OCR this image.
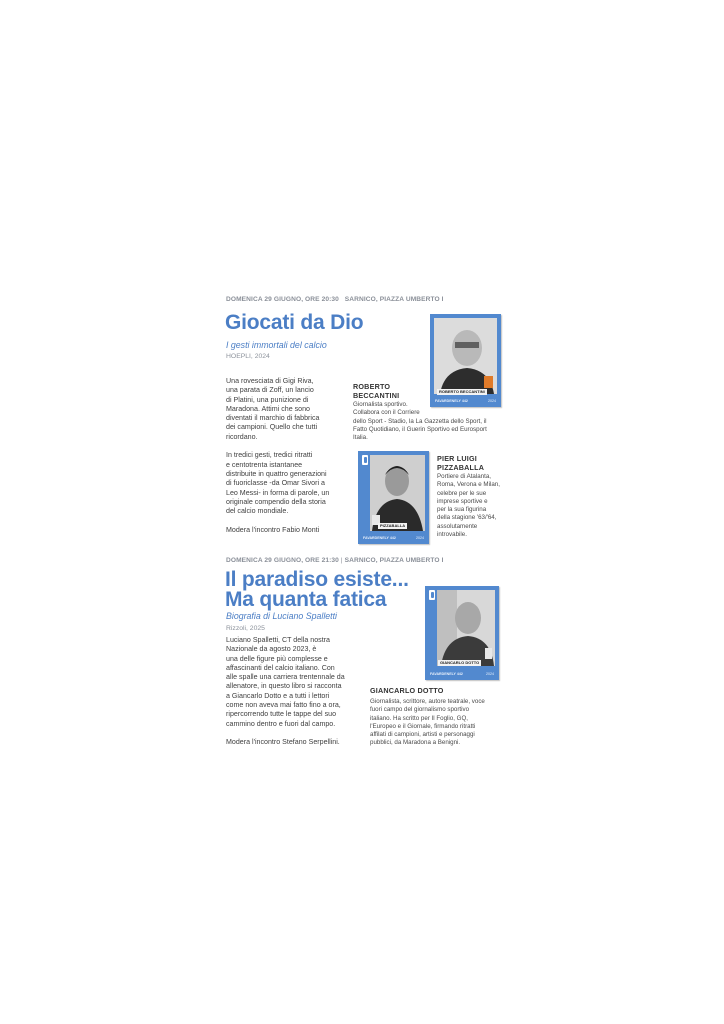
DOMENICA 29 GIUGNO, ORE 20:30 SARNICO, PIAZZA UMBERTO I
Giocati da Dio
I gesti immortali del calcio
HOEPLI, 2024

Una rovesciata di Gigi Riva,
una parata di Zoff, un lancio
di Platini, una punizione di
Maradona. Attimi che sono
diventati il marchio di fabbrica
dei campioni. Quello che tutti
ricordano.

In tredici gesti, tredici ritratti
e centotrenta istantanee
distribuite in quattro generazioni
di fuoriclasse -da Omar Sivori a
Leo Messi- in forma di parole, un
originale compendio della storia
del calcio mondiale.

Modera l'incontro Fabio Monti

ROBERTO BECCANTINI
FAVARDENELY 442	2024
ROBERTO
BECCANTINI
Giornalista sportivo.
Collabora con il Corriere
dello Sport - Stadio, la La Gazzetta dello Sport, il
Fatto Quotidiano, il Guerin Sportivo ed Eurosport
Italia.
PIZZABALLA
FAVARDENELY 442	2024
PIER LUIGI
PIZZABALLA
Portiere di Atalanta,
Roma, Verona e Milan,
celebre per le sue
imprese sportive e
per la sua figurina
della stagione '63/'64,
assolutamente
introvabile.
DOMENICA 29 GIUGNO, ORE 21:30 | SARNICO, PIAZZA UMBERTO I
Il paradiso esiste...
Ma quanta fatica
Biografia di Luciano Spalletti
Rizzoli, 2025

Luciano Spalletti, CT della nostra
Nazionale da agosto 2023, è
una delle figure più complesse e
affascinanti del calcio italiano. Con
alle spalle una carriera trentennale da
allenatore, in questo libro si racconta
a Giancarlo Dotto e a tutti i lettori
come non aveva mai fatto fino a ora,
ripercorrendo tutte le tappe del suo
cammino dentro e fuori dal campo.

Modera l'incontro Stefano Serpellini.

GIANCARLO DOTTO
FAVARDENELY 442	2024
GIANCARLO DOTTO
Giornalista, scrittore, autore teatrale, voce
fuori campo del giornalismo sportivo
italiano. Ha scritto per Il Foglio, GQ,
l'Europeo e il Giornale, firmando ritratti
affilati di campioni, artisti e personaggi
pubblici, da Maradona a Benigni.
